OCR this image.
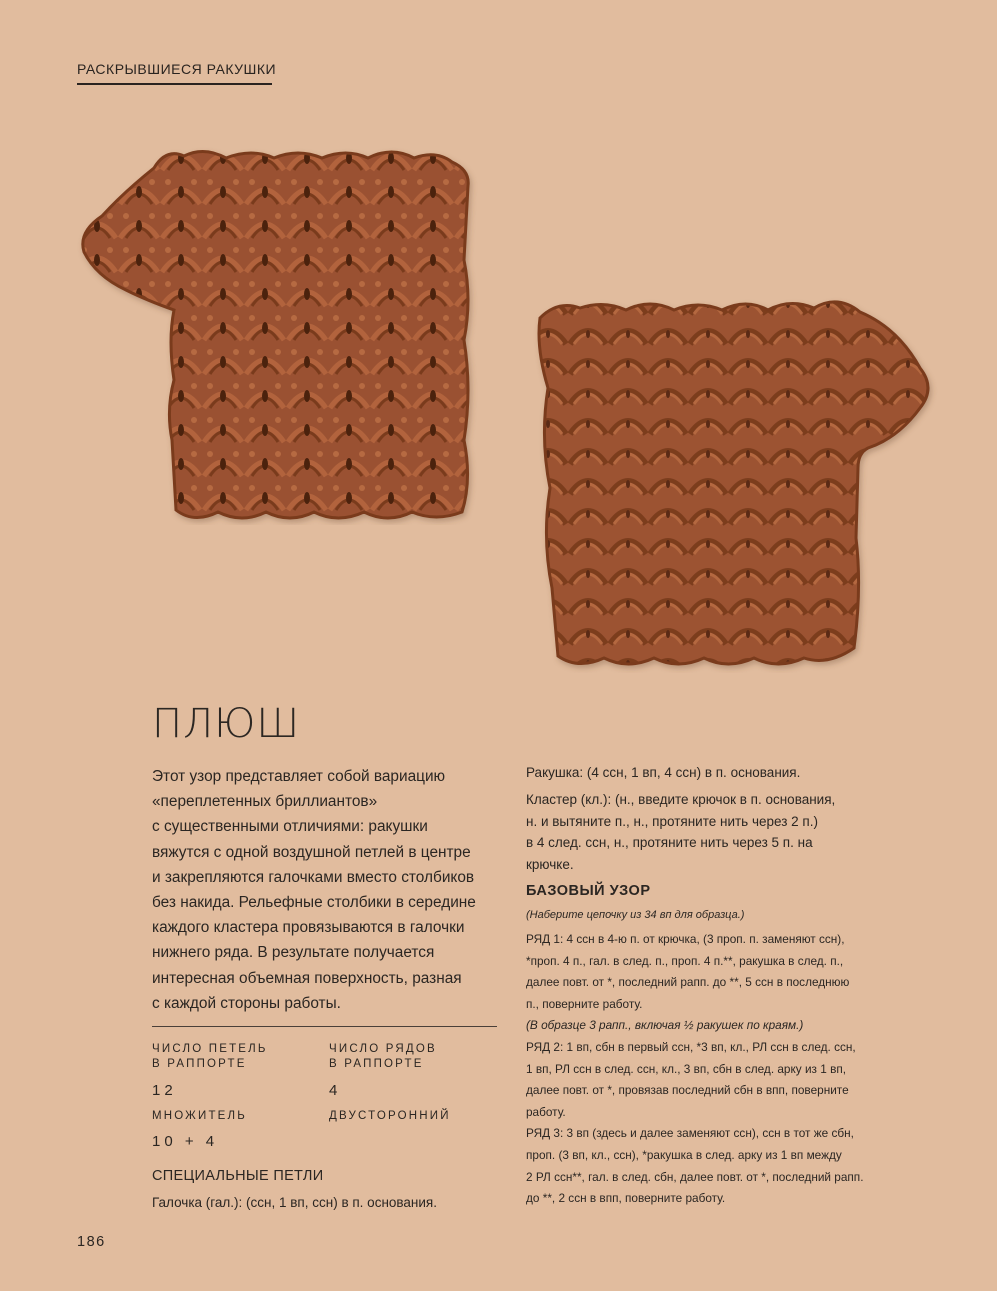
РАСКРЫВШИЕСЯ РАКУШКИ
ПЛЮШ
Этот узор представляет собой вариацию
«переплетенных бриллиантов»
с существенными отличиями: ракушки
вяжутся с одной воздушной петлей в центре
и закрепляются галочками вместо столбиков
без накида. Рельефные столбики в середине
каждого кластера провязываются в галочки
нижнего ряда. В результате получается
интересная объемная поверхность, разная
с каждой стороны работы.
ЧИСЛО ПЕТЕЛЬ
В РАППОРТЕ
12
ЧИСЛО РЯДОВ
В РАППОРТЕ
4
МНОЖИТЕЛЬ
10 + 4
ДВУСТОРОННИЙ
СПЕЦИАЛЬНЫЕ ПЕТЛИ
Галочка (гал.): (ссн, 1 вп, ссн) в п. основания.
Ракушка: (4 ссн, 1 вп, 4 ссн) в п. основания.
Кластер (кл.): (н., введите крючок в п. основания,
н. и вытяните п., н., протяните нить через 2 п.)
в 4 след. ссн, н., протяните нить через 5 п. на
крючке.
БАЗОВЫЙ УЗОР
(Наберите цепочку из 34 вп для образца.)
РЯД 1: 4 ссн в 4-ю п. от крючка, (3 проп. п. заменяют ссн),
*проп. 4 п., гал. в след. п., проп. 4 п.**, ракушка в след. п.,
далее повт. от *, последний рапп. до **, 5 ссн в последнюю
п., поверните работу.
(В образце 3 рапп., включая ½ ракушек по краям.)
РЯД 2: 1 вп, сбн в первый ссн, *3 вп, кл., РЛ ссн в след. ссн,
1 вп, РЛ ссн в след. ссн, кл., 3 вп, сбн в след. арку из 1 вп,
далее повт. от *, провязав последний сбн в впп, поверните
работу.
РЯД 3: 3 вп (здесь и далее заменяют ссн), ссн в тот же сбн,
проп. (3 вп, кл., ссн), *ракушка в след. арку из 1 вп между
2 РЛ ссн**, гал. в след. сбн, далее повт. от *, последний рапп.
до **, 2 ссн в впп, поверните работу.
186
